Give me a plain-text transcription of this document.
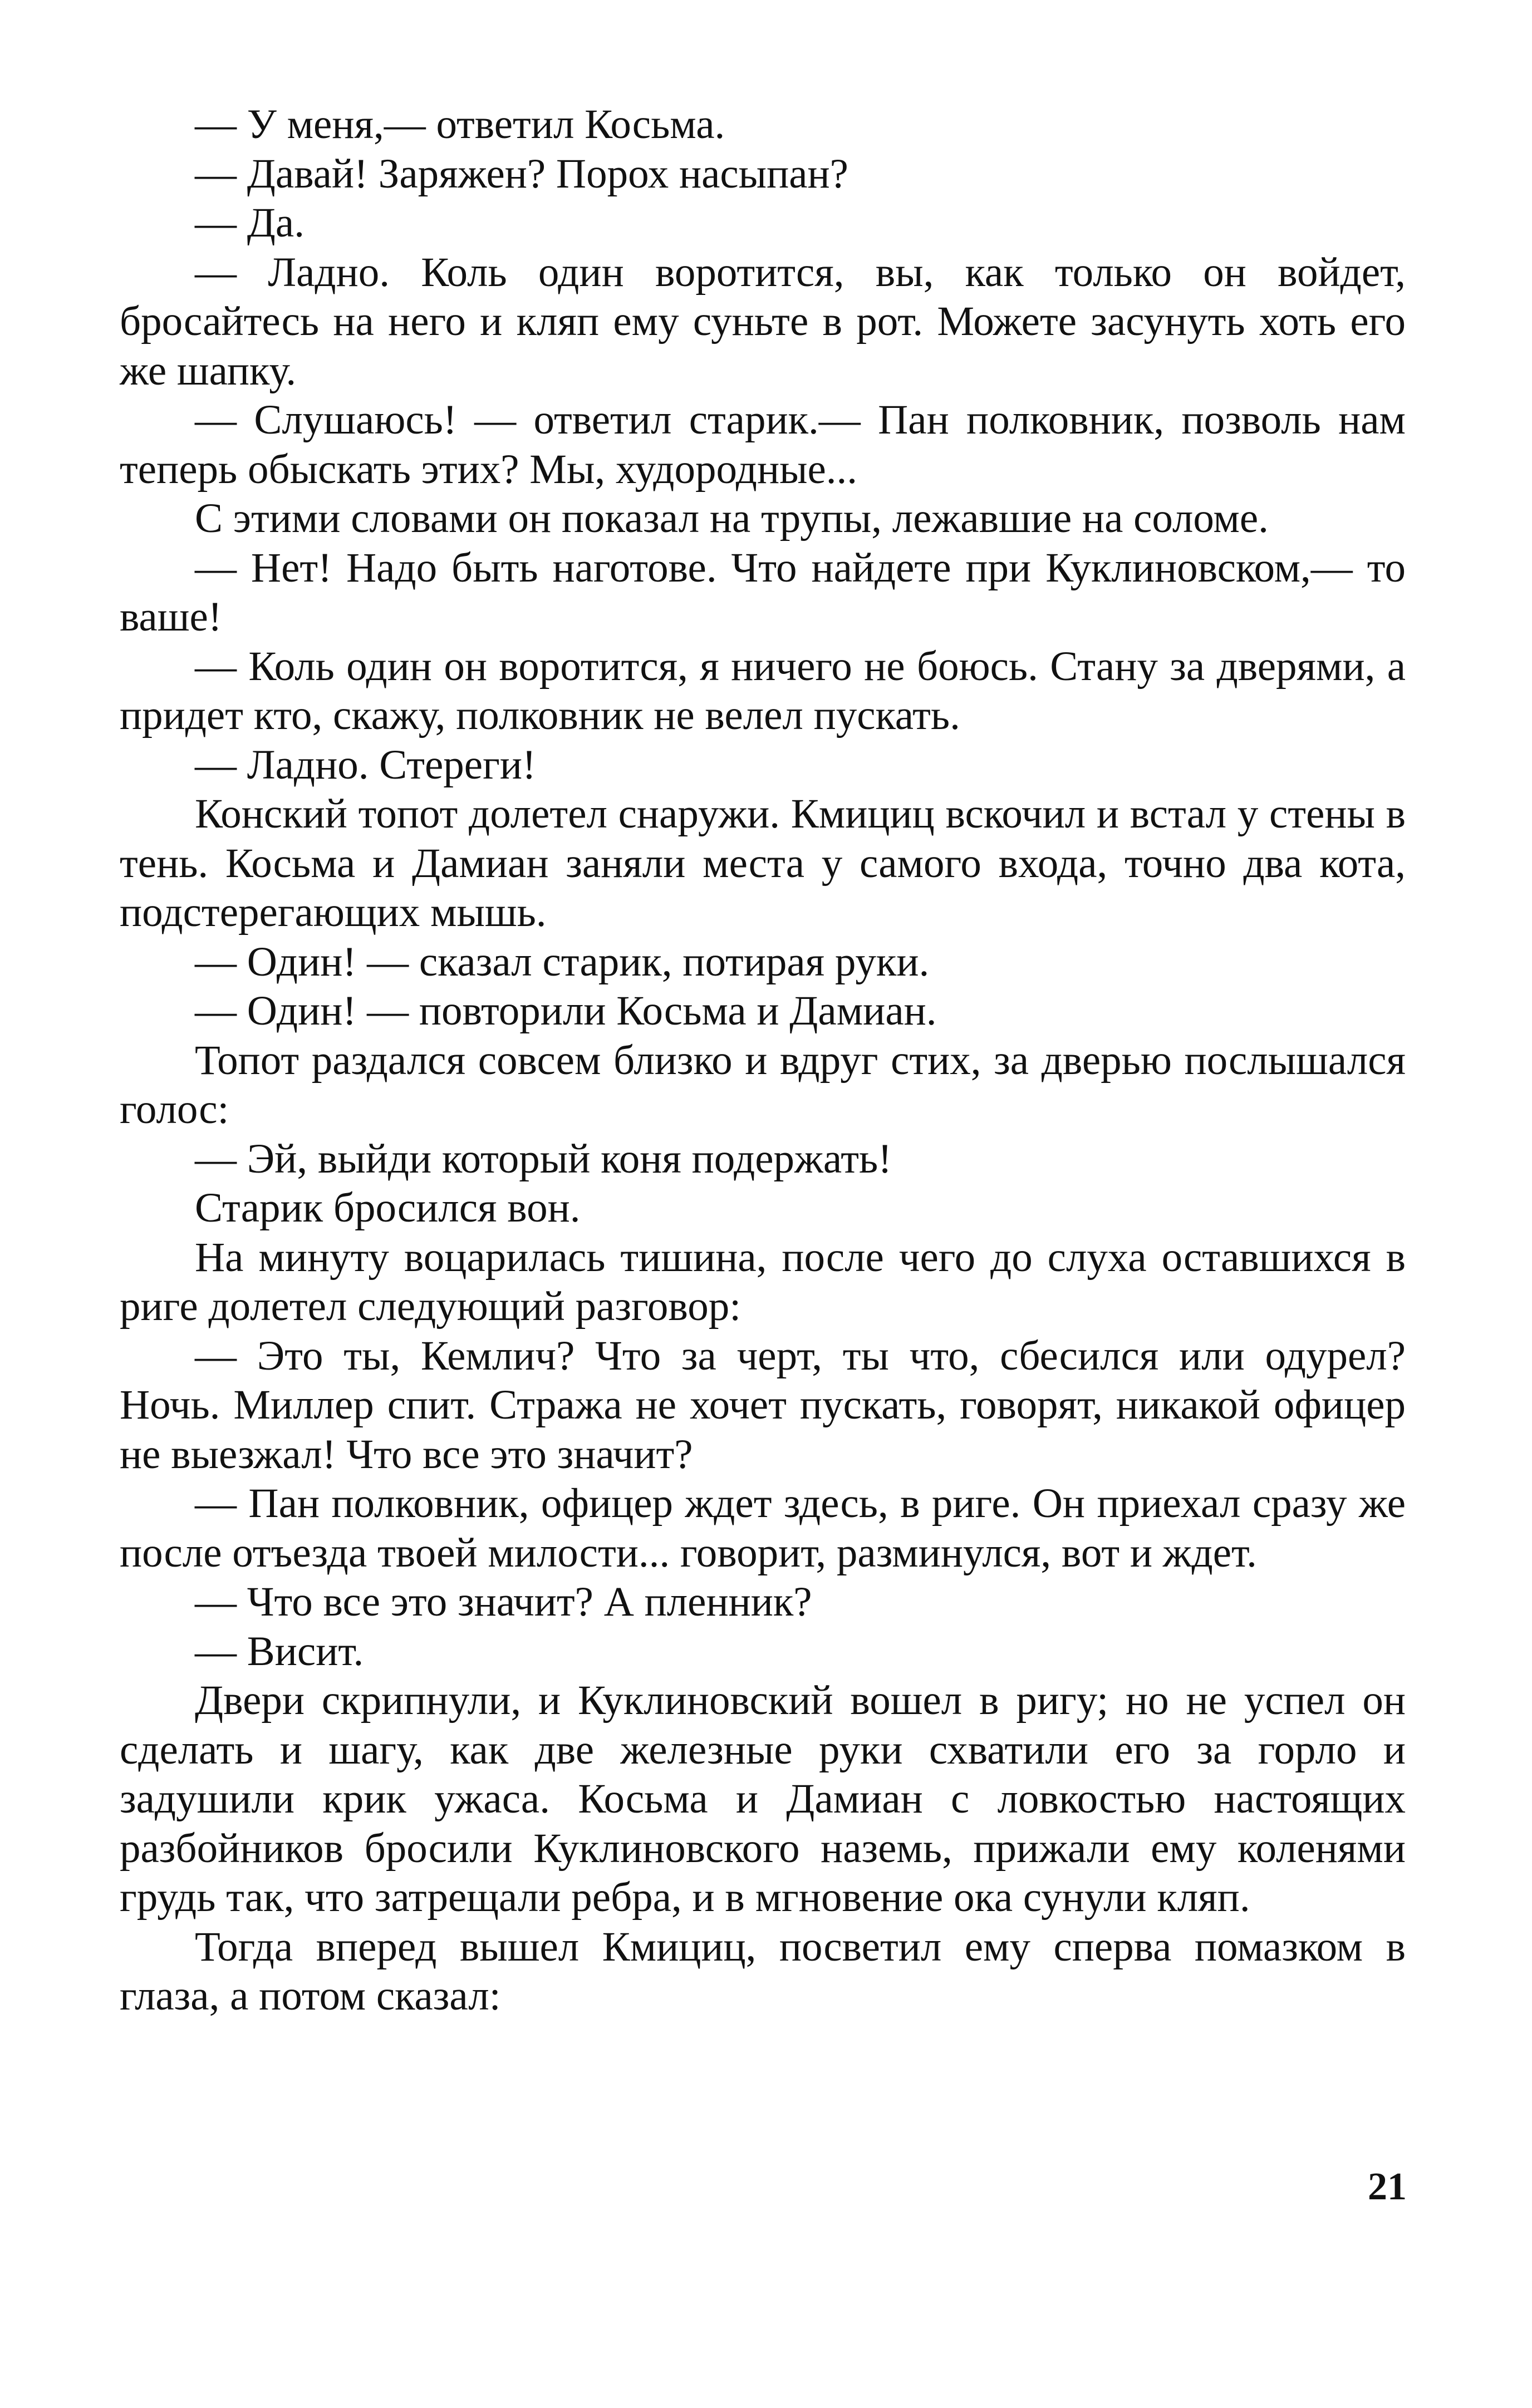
— У меня,— ответил Косьма.

— Давай! Заряжен? Порох насыпан?

— Да.

— Ладно. Коль один воротится, вы, как только он войдет, бросайтесь на него и кляп ему суньте в рот. Можете засунуть хоть его же шапку.

— Слушаюсь! — ответил старик.— Пан полковник, позволь нам теперь обыскать этих? Мы, худородные...

С этими словами он показал на трупы, лежавшие на соломе.

— Нет! Надо быть наготове. Что найдете при Куклиновском,— то ваше!

— Коль один он воротится, я ничего не боюсь. Стану за дверями, а придет кто, скажу, полковник не велел пускать.

— Ладно. Стереги!

Конский топот долетел снаружи. Кмициц вскочил и встал у стены в тень. Косьма и Дамиан заняли места у самого входа, точно два кота, подстерегающих мышь.

— Один! — сказал старик, потирая руки.

— Один! — повторили Косьма и Дамиан.

Топот раздался совсем близко и вдруг стих, за дверью послышался голос:

— Эй, выйди который коня подержать!

Старик бросился вон.

На минуту воцарилась тишина, после чего до слуха оставшихся в риге долетел следующий разговор:

— Это ты, Кемлич? Что за черт, ты что, сбесился или одурел? Ночь. Миллер спит. Стража не хочет пускать, говорят, никакой офицер не выезжал! Что все это значит?

— Пан полковник, офицер ждет здесь, в риге. Он приехал сразу же после отъезда твоей милости... говорит, разминулся, вот и ждет.

— Что все это значит? А пленник?

— Висит.

Двери скрипнули, и Куклиновский вошел в ригу; но не успел он сделать и шагу, как две железные руки схватили его за горло и задушили крик ужаса. Косьма и Дамиан с ловкостью настоящих разбойников бросили Куклиновского наземь, прижали ему коленями грудь так, что затрещали ребра, и в мгновение ока сунули кляп.

Тогда вперед вышел Кмициц, посветил ему сперва помазком в глаза, а потом сказал:

21
